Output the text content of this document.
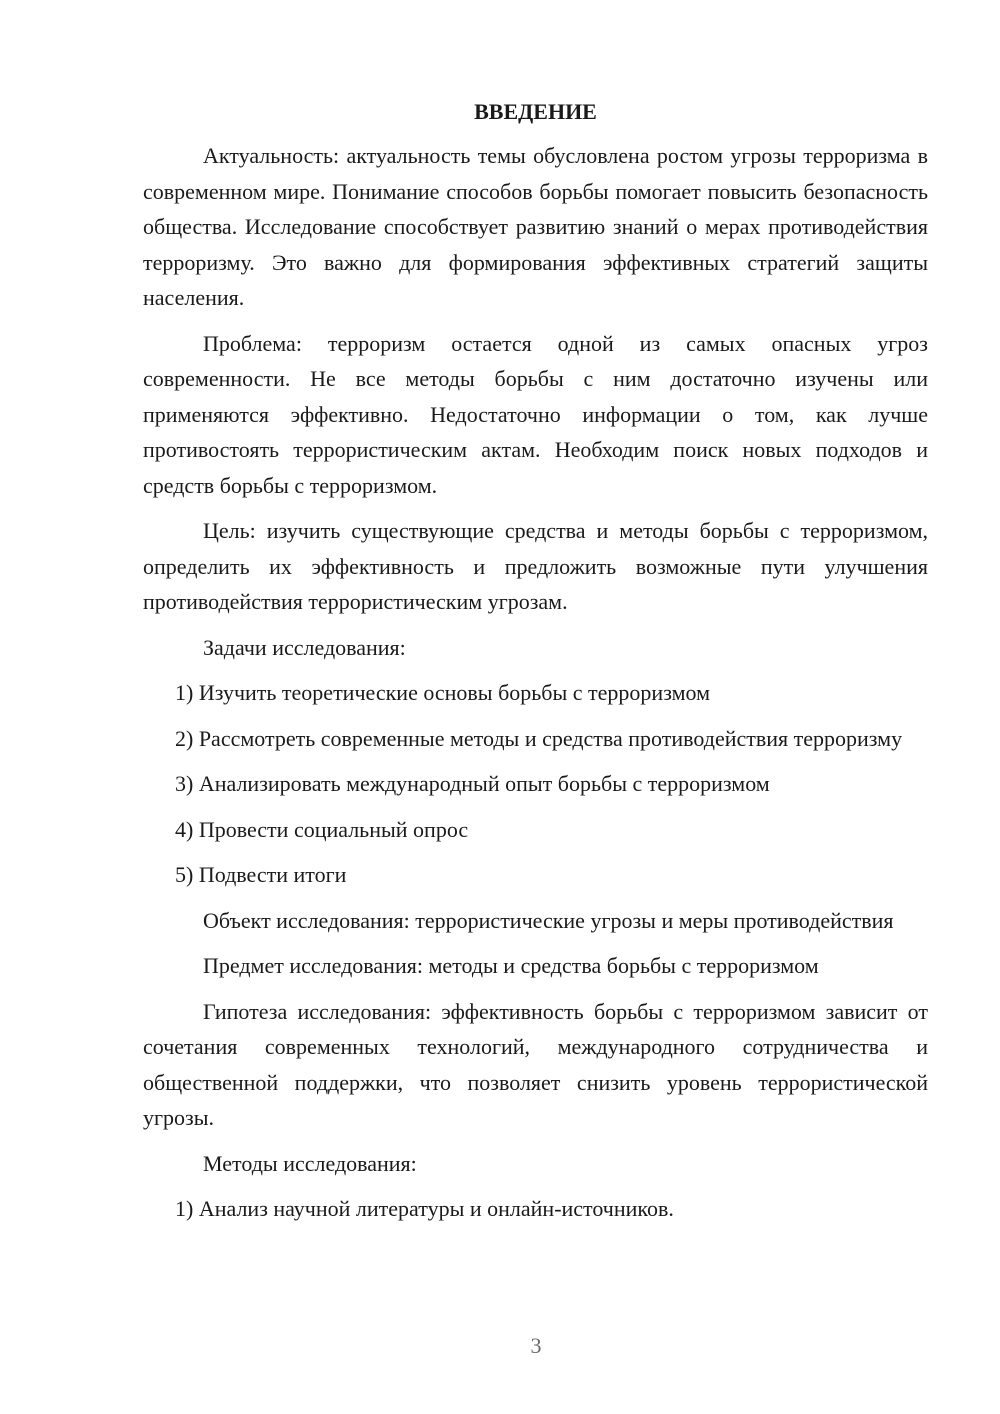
ВВЕДЕНИЕ

Актуальность: актуальность темы обусловлена ростом угрозы терроризма в современном мире. Понимание способов борьбы помогает повысить безопасность общества. Исследование способствует развитию знаний о мерах противодействия терроризму. Это важно для формирования эффективных стратегий защиты населения.

Проблема: терроризм остается одной из самых опасных угроз современности. Не все методы борьбы с ним достаточно изучены или применяются эффективно. Недостаточно информации о том, как лучше противостоять террористическим актам. Необходим поиск новых подходов и средств борьбы с терроризмом.

Цель: изучить существующие средства и методы борьбы с терроризмом, определить их эффективность и предложить возможные пути улучшения противодействия террористическим угрозам.

Задачи исследования:

1) Изучить теоретические основы борьбы с терроризмом

2) Рассмотреть современные методы и средства противодействия терроризму

3) Анализировать международный опыт борьбы с терроризмом

4) Провести социальный опрос

5) Подвести итоги

Объект исследования: террористические угрозы и меры противодействия

Предмет исследования: методы и средства борьбы с терроризмом

Гипотеза исследования: эффективность борьбы с терроризмом зависит от сочетания современных технологий, международного сотрудничества и общественной поддержки, что позволяет снизить уровень террористической угрозы.

Методы исследования:

1) Анализ научной литературы и онлайн-источников.

3
